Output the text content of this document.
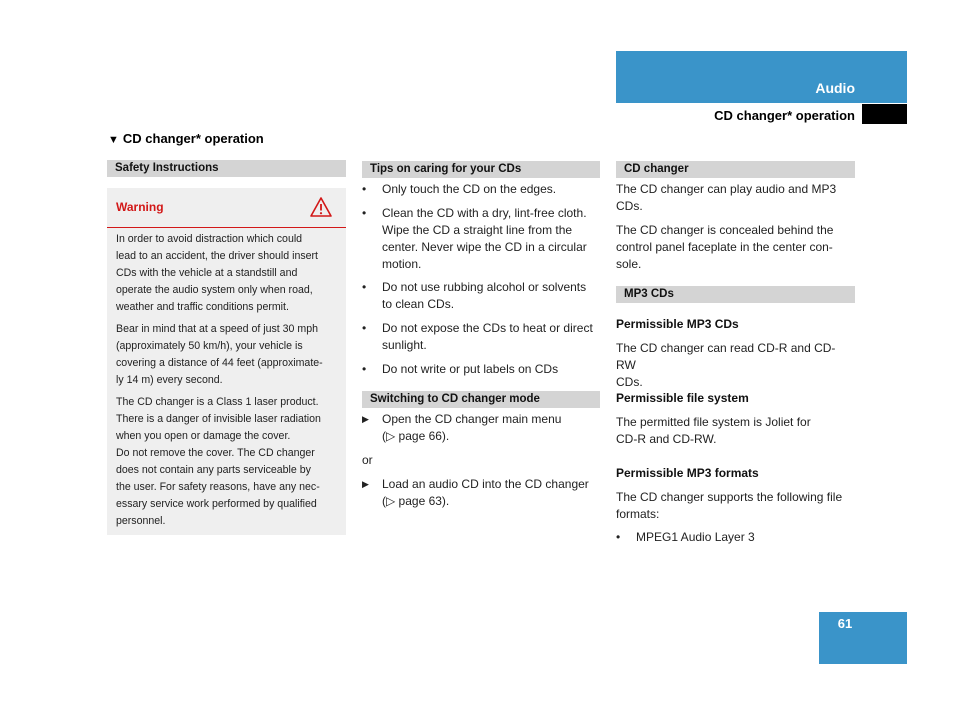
Audio
CD changer* operation
▼ CD changer* operation
Safety Instructions
Warning

In order to avoid distraction which could

lead to an accident, the driver should insert

CDs with the vehicle at a standstill and

operate the audio system only when road,

weather and traffic conditions permit.

Bear in mind that at a speed of just 30 mph

(approximately 50 km/h), your vehicle is

covering a distance of 44 feet (approximate-

ly 14 m) every second.

The CD changer is a Class 1 laser product.

There is a danger of invisible laser radiation

when you open or damage the cover.

Do not remove the cover. The CD changer

does not contain any parts serviceable by

the user. For safety reasons, have any nec-

essary service work performed by qualified

personnel.

Tips on caring for your CDs
•	Only touch the CD on the edges.
•	Clean the CD with a dry, lint-free cloth.
Wipe the CD a straight line from the
center. Never wipe the CD in a circular
motion.
•	Do not use rubbing alcohol or solvents
to clean CDs.
•	Do not expose the CDs to heat or direct
sunlight.
•	Do not write or put labels on CDs
Switching to CD changer mode
▶	Open the CD changer main menu
(▷ page 66).
or
▶	Load an audio CD into the CD changer
(▷ page 63).
CD changer
The CD changer can play audio and MP3
CDs.
The CD changer is concealed behind the
control panel faceplate in the center con-
sole.
MP3 CDs
Permissible MP3 CDs
The CD changer can read CD-R and CD-RW
CDs.
Permissible file system
The permitted file system is Joliet for
CD-R and CD-RW.
Permissible MP3 formats
The CD changer supports the following file
formats:
•	MPEG1 Audio Layer 3
61
